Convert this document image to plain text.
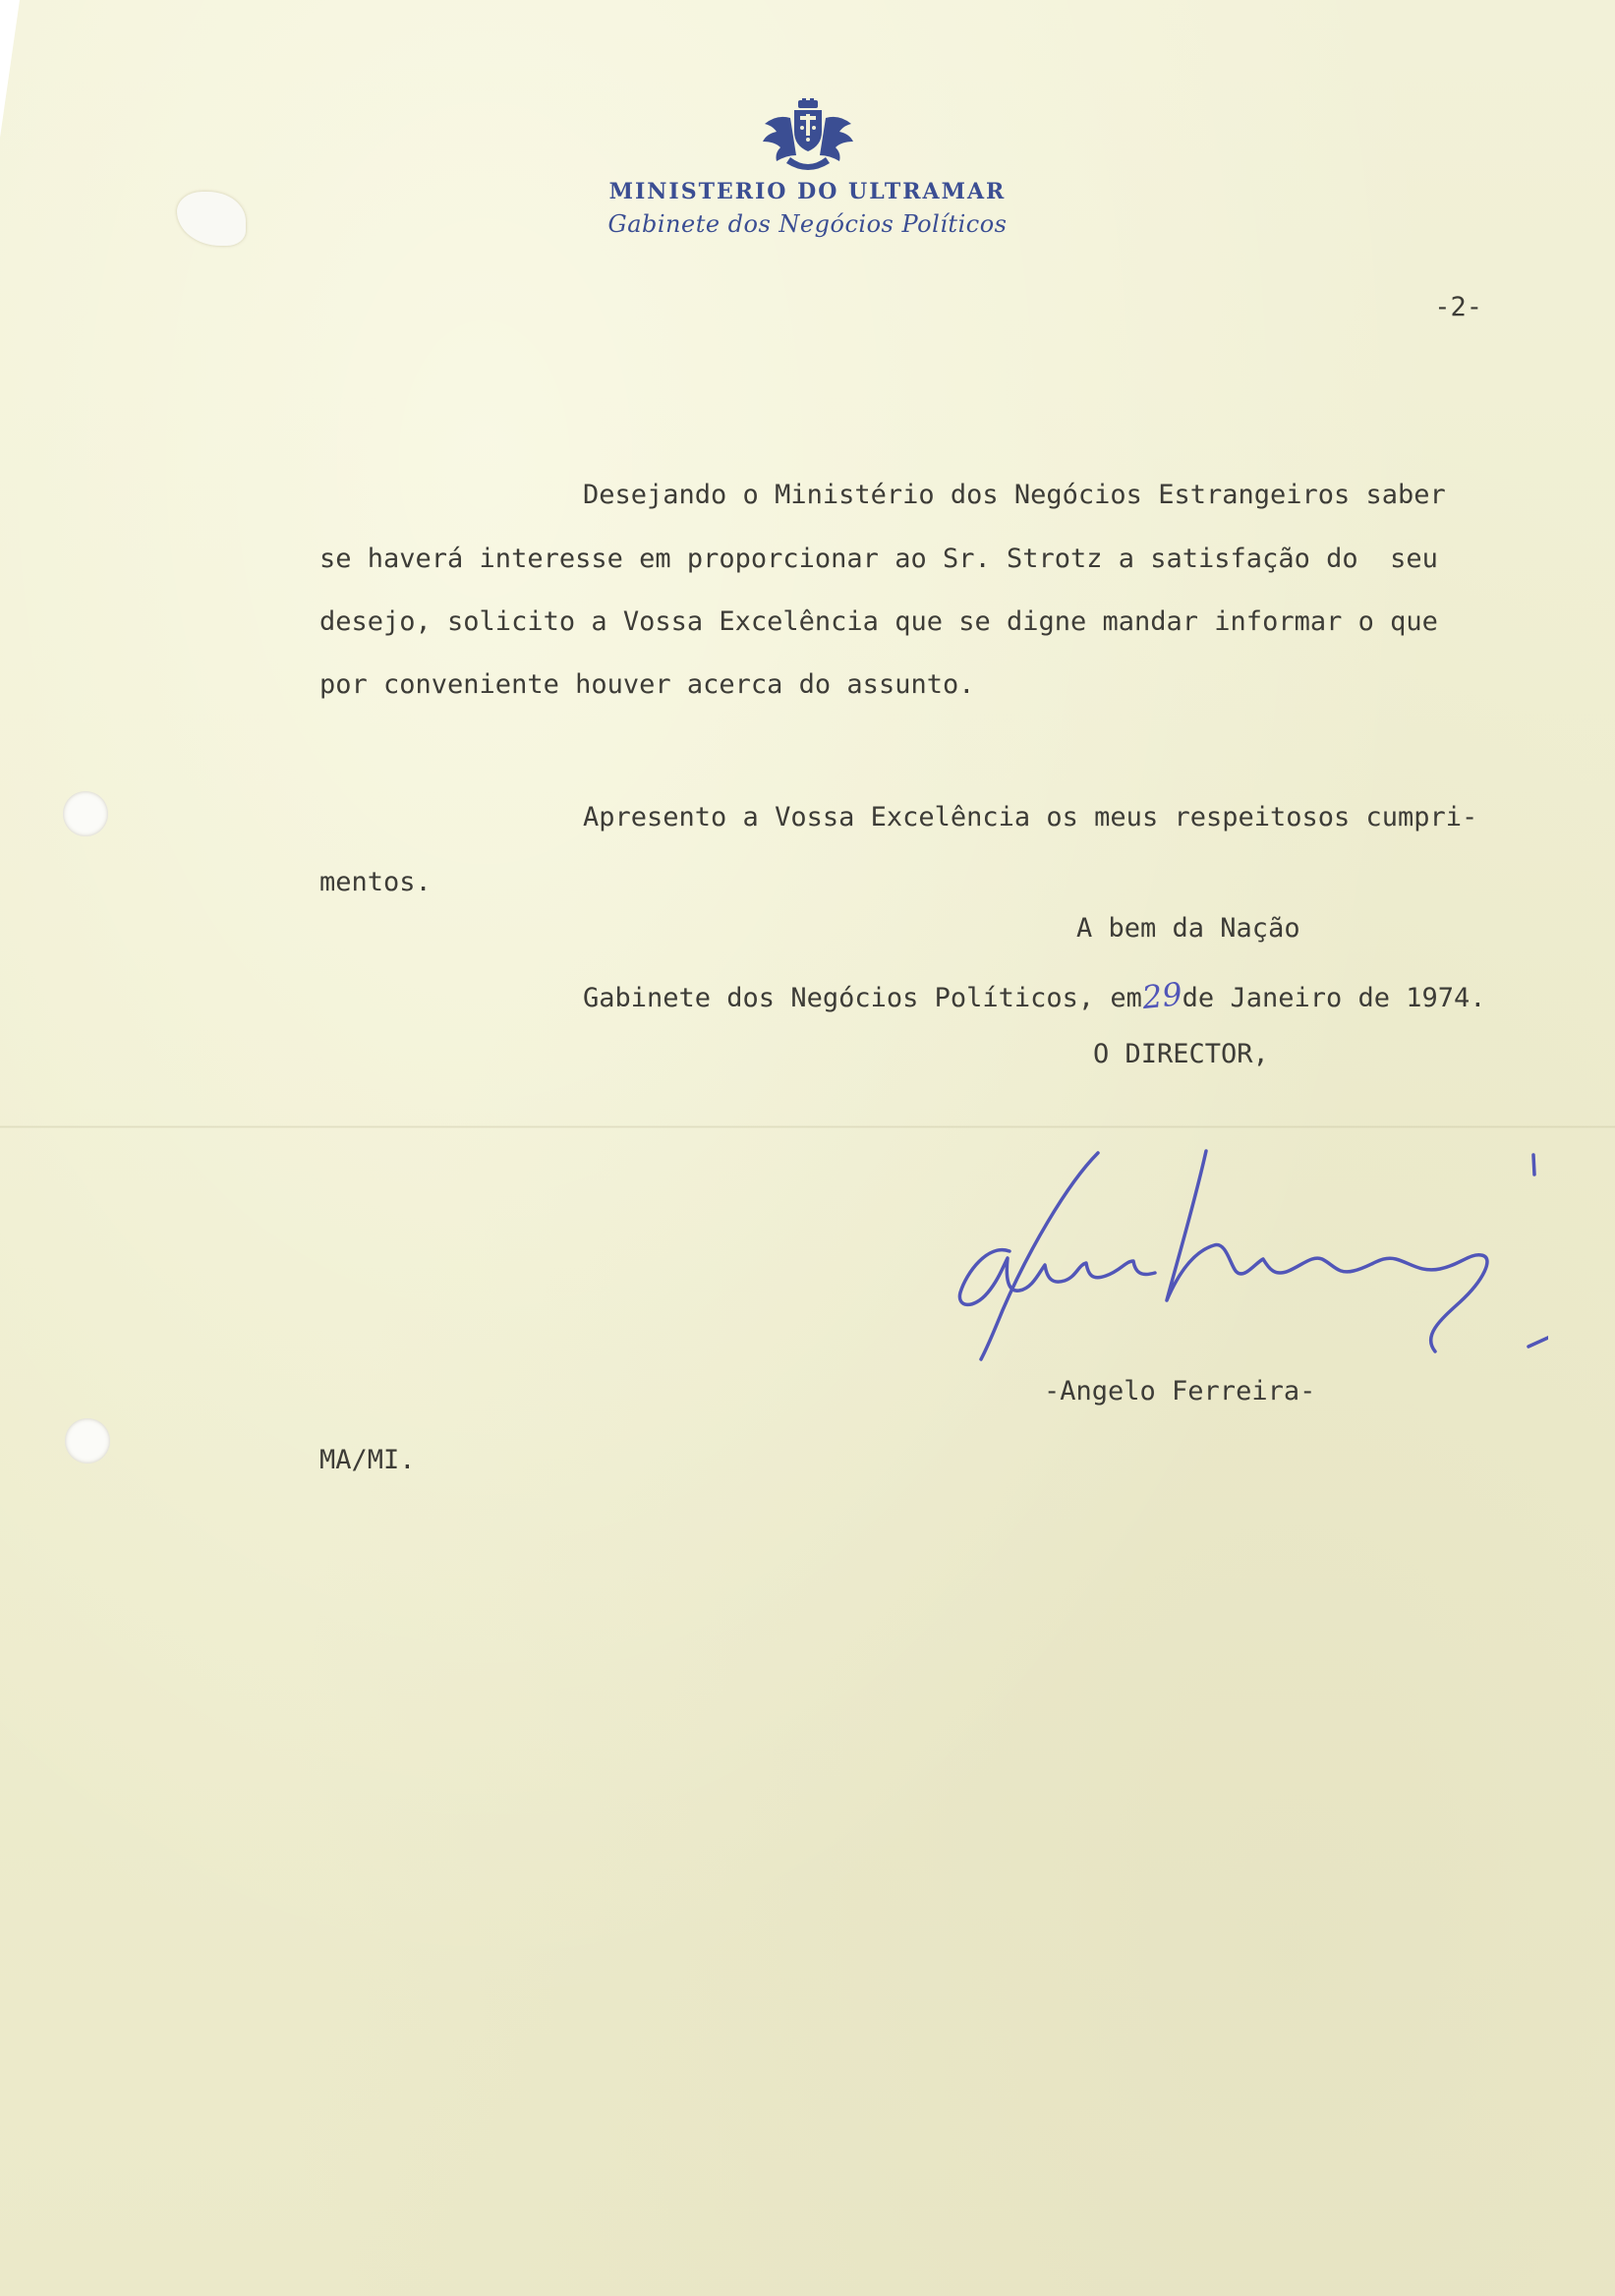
MINISTERIO DO ULTRAMAR
Gabinete dos Negócios Políticos
-2-
Desejando o Ministério dos Negócios Estrangeiros saber
se haverá interesse em proporcionar ao Sr. Strotz a satisfação do  seu
desejo, solicito a Vossa Excelência que se digne mandar informar o que
por conveniente houver acerca do assunto.
Apresento a Vossa Excelência os meus respeitosos cumpri-
mentos.
A bem da Nação
Gabinete dos Negócios Políticos, em29de Janeiro de 1974.
O DIRECTOR,
-Angelo Ferreira-
MA/MI.
